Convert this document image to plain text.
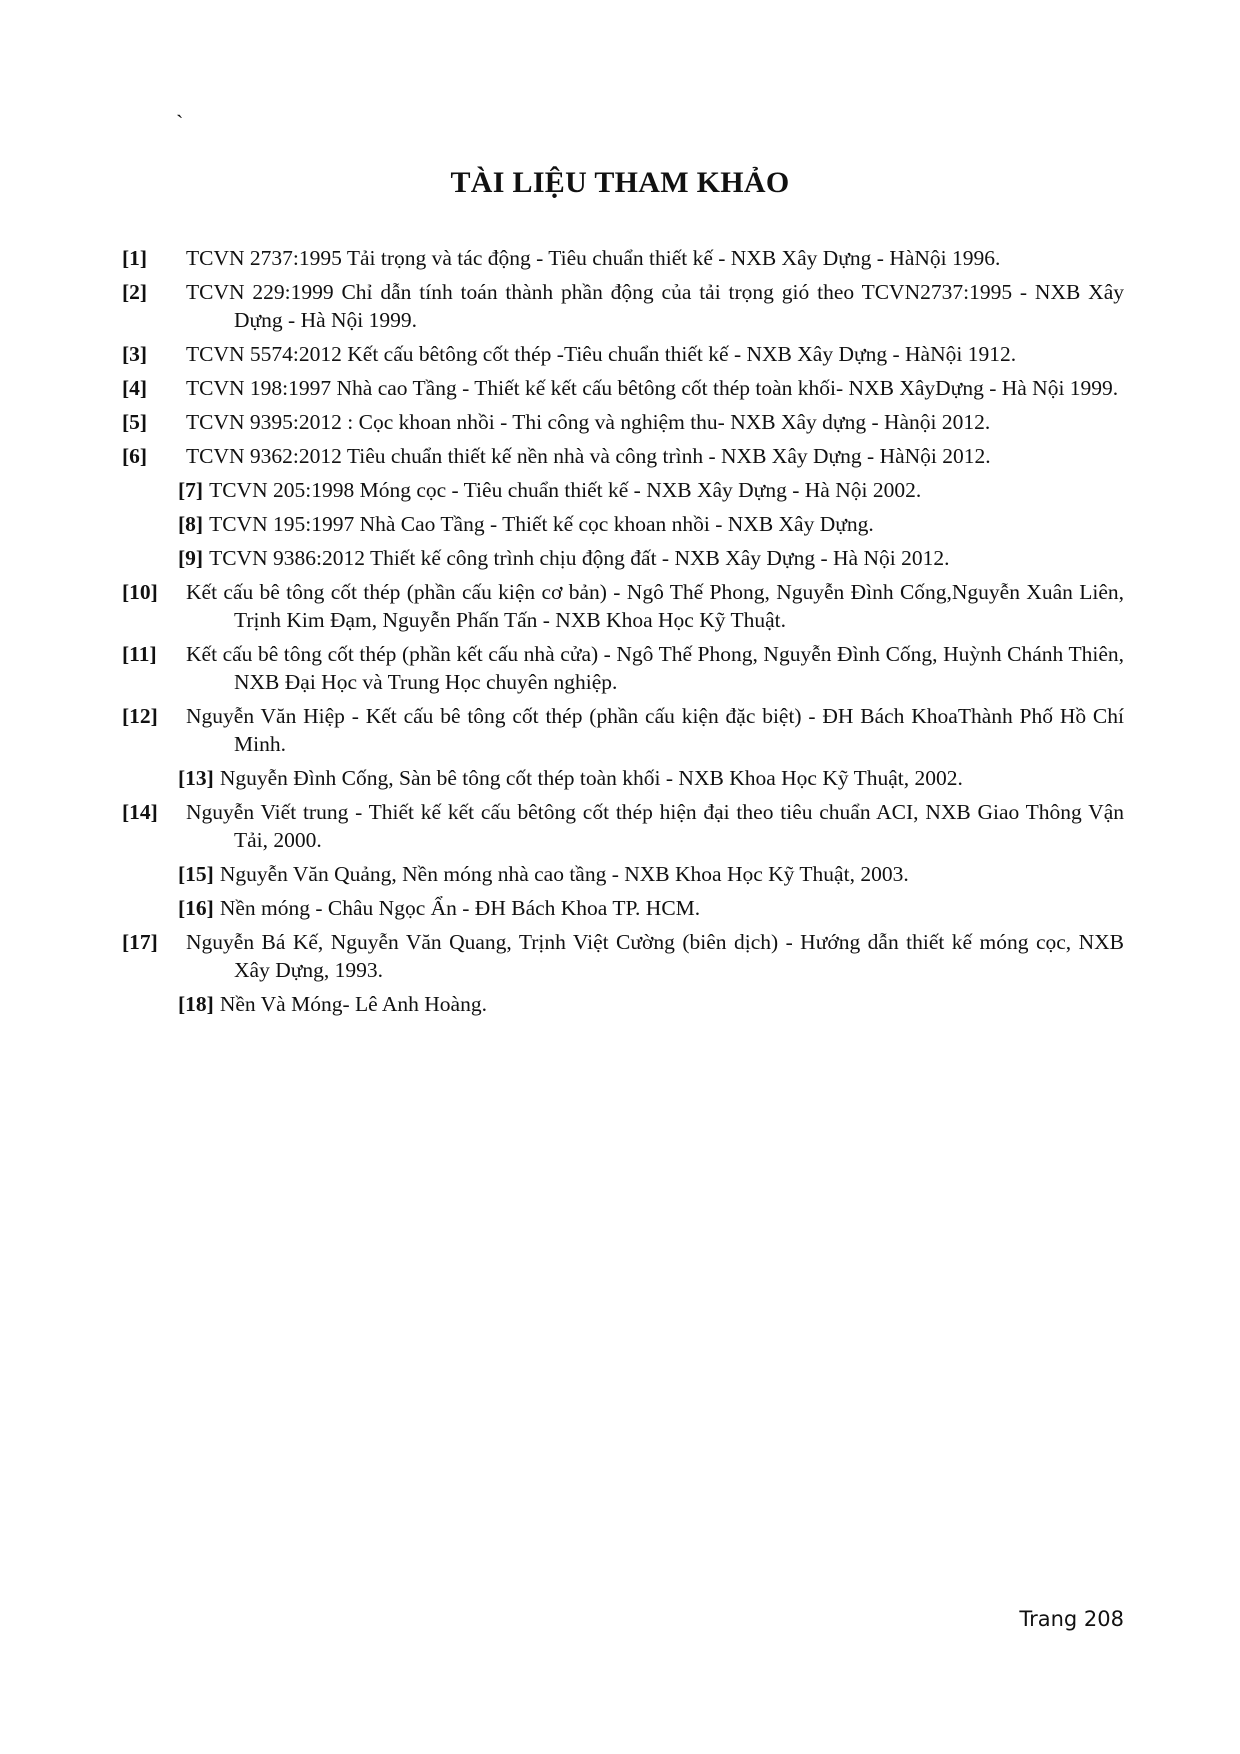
`
TÀI LIỆU THAM KHẢO
[1] TCVN 2737:1995 Tải trọng và tác động - Tiêu chuẩn thiết kế - NXB Xây Dựng - HàNội 1996.
[2] TCVN 229:1999 Chỉ dẫn tính toán thành phần động của tải trọng gió theo TCVN2737:1995 - NXB Xây Dựng - Hà Nội 1999.
[3] TCVN 5574:2012 Kết cấu bêtông cốt thép -Tiêu chuẩn thiết kế - NXB Xây Dựng - HàNội 1912.
[4] TCVN 198:1997 Nhà cao Tầng - Thiết kế kết cấu bêtông cốt thép toàn khối- NXB XâyDựng - Hà Nội 1999.
[5] TCVN 9395:2012 : Cọc khoan nhồi - Thi công và nghiệm thu- NXB Xây dựng - Hànội 2012.
[6] TCVN 9362:2012 Tiêu chuẩn thiết kế nền nhà và công trình - NXB Xây Dựng - HàNội 2012.
[7] TCVN 205:1998 Móng cọc - Tiêu chuẩn thiết kế - NXB Xây Dựng - Hà Nội 2002.
[8] TCVN 195:1997 Nhà Cao Tầng - Thiết kế cọc khoan nhồi - NXB Xây Dựng.
[9] TCVN 9386:2012 Thiết kế công trình chịu động đất - NXB Xây Dựng - Hà Nội 2012.
[10] Kết cấu bê tông cốt thép (phần cấu kiện cơ bản) - Ngô Thế Phong, Nguyễn Đình Cống,Nguyễn Xuân Liên, Trịnh Kim Đạm, Nguyễn Phấn Tấn - NXB Khoa Học Kỹ Thuật.
[11] Kết cấu bê tông cốt thép (phần kết cấu nhà cửa) - Ngô Thế Phong, Nguyễn Đình Cống, Huỳnh Chánh Thiên, NXB Đại Học và Trung Học chuyên nghiệp.
[12] Nguyễn Văn Hiệp - Kết cấu bê tông cốt thép (phần cấu kiện đặc biệt) - ĐH Bách KhoaThành Phố Hồ Chí Minh.
[13] Nguyễn Đình Cống, Sàn bê tông cốt thép toàn khối - NXB Khoa Học Kỹ Thuật, 2002.
[14] Nguyễn Viết trung - Thiết kế kết cấu bêtông cốt thép hiện đại theo tiêu chuẩn ACI, NXB Giao Thông Vận Tải, 2000.
[15] Nguyễn Văn Quảng, Nền móng nhà cao tầng - NXB Khoa Học Kỹ Thuật, 2003.
[16] Nền móng - Châu Ngọc Ẩn - ĐH Bách Khoa TP. HCM.
[17] Nguyễn Bá Kế, Nguyễn Văn Quang, Trịnh Việt Cường (biên dịch) - Hướng dẫn thiết kế móng cọc, NXB Xây Dựng, 1993.
[18] Nền Và Móng- Lê Anh Hoàng.
Trang 208
